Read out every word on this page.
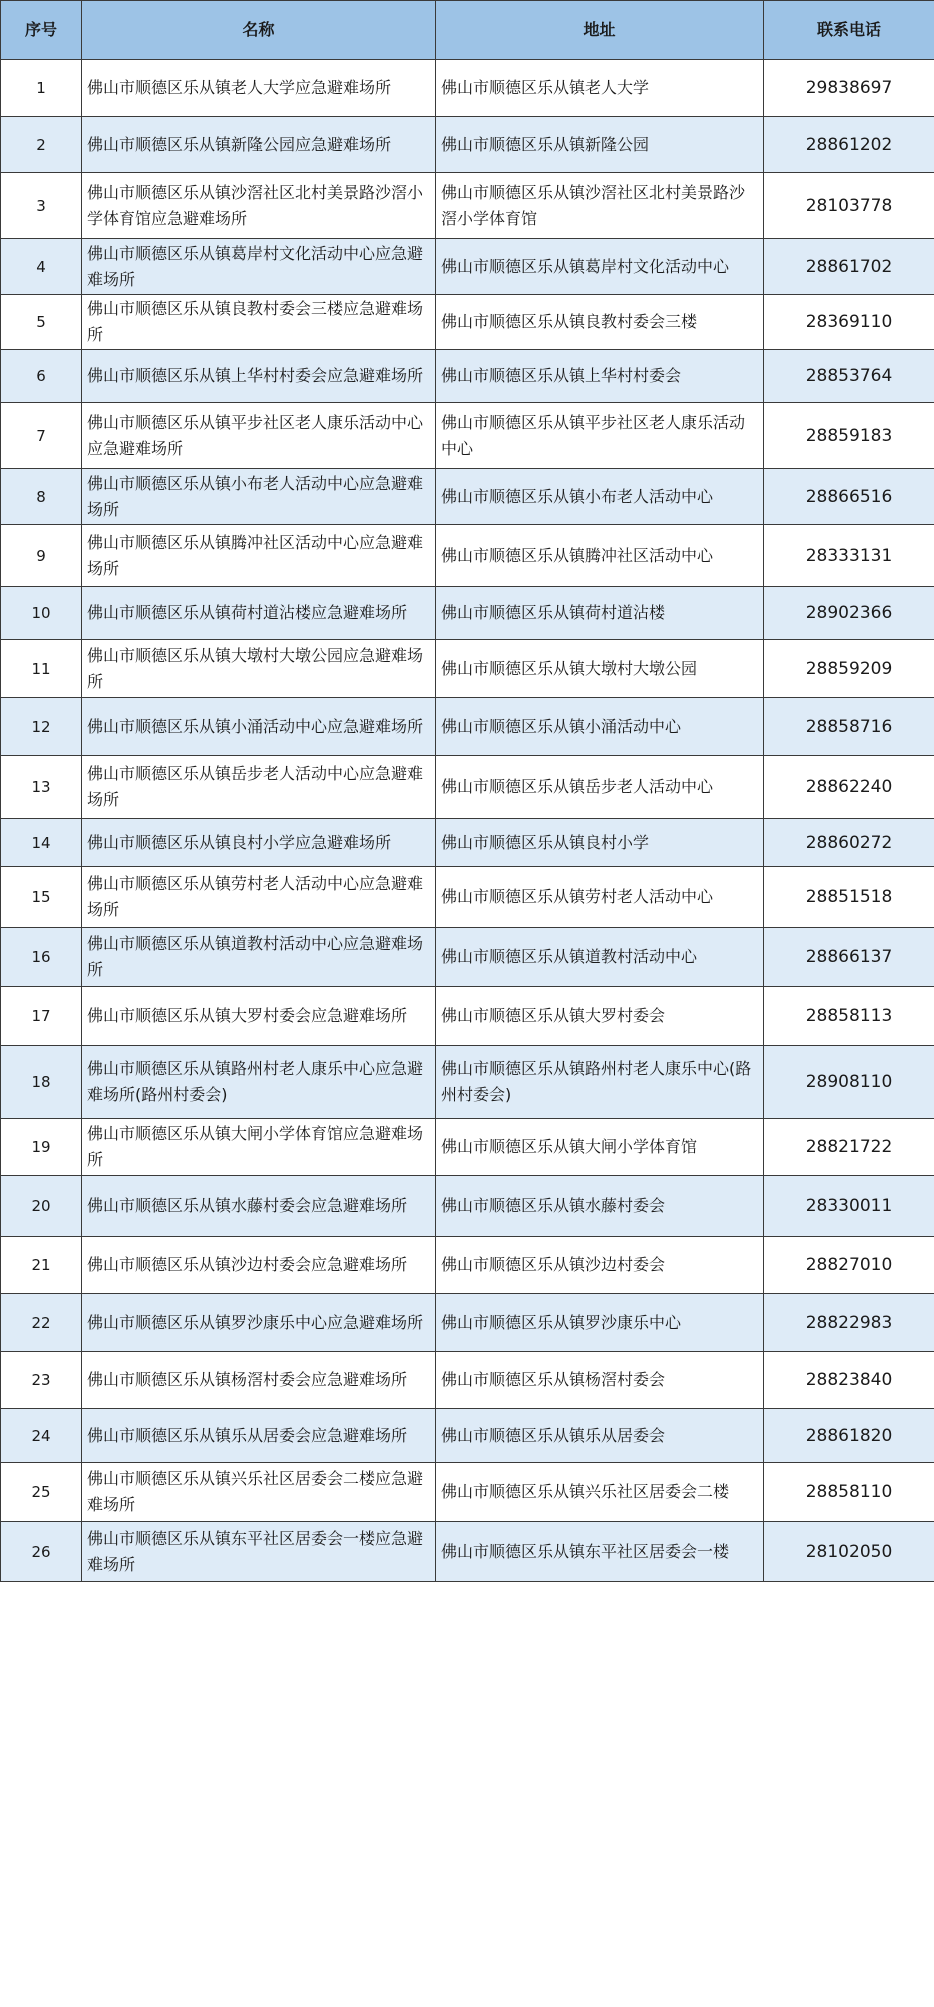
序号	名称	地址	联系电话
1	佛山市顺德区乐从镇老人大学应急避难场所	佛山市顺德区乐从镇老人大学	29838697
2	佛山市顺德区乐从镇新隆公园应急避难场所	佛山市顺德区乐从镇新隆公园	28861202
3	佛山市顺德区乐从镇沙滘社区北村美景路沙滘小学体育馆应急避难场所	佛山市顺德区乐从镇沙滘社区北村美景路沙滘小学体育馆	28103778
4	佛山市顺德区乐从镇葛岸村文化活动中心应急避难场所	佛山市顺德区乐从镇葛岸村文化活动中心	28861702
5	佛山市顺德区乐从镇良教村委会三楼应急避难场所	佛山市顺德区乐从镇良教村委会三楼	28369110
6	佛山市顺德区乐从镇上华村村委会应急避难场所	佛山市顺德区乐从镇上华村村委会	28853764
7	佛山市顺德区乐从镇平步社区老人康乐活动中心应急避难场所	佛山市顺德区乐从镇平步社区老人康乐活动中心	28859183
8	佛山市顺德区乐从镇小布老人活动中心应急避难场所	佛山市顺德区乐从镇小布老人活动中心	28866516
9	佛山市顺德区乐从镇腾冲社区活动中心应急避难场所	佛山市顺德区乐从镇腾冲社区活动中心	28333131
10	佛山市顺德区乐从镇荷村道沾楼应急避难场所	佛山市顺德区乐从镇荷村道沾楼	28902366
11	佛山市顺德区乐从镇大墩村大墩公园应急避难场所	佛山市顺德区乐从镇大墩村大墩公园	28859209
12	佛山市顺德区乐从镇小涌活动中心应急避难场所	佛山市顺德区乐从镇小涌活动中心	28858716
13	佛山市顺德区乐从镇岳步老人活动中心应急避难场所	佛山市顺德区乐从镇岳步老人活动中心	28862240
14	佛山市顺德区乐从镇良村小学应急避难场所	佛山市顺德区乐从镇良村小学	28860272
15	佛山市顺德区乐从镇劳村老人活动中心应急避难场所	佛山市顺德区乐从镇劳村老人活动中心	28851518
16	佛山市顺德区乐从镇道教村活动中心应急避难场所	佛山市顺德区乐从镇道教村活动中心	28866137
17	佛山市顺德区乐从镇大罗村委会应急避难场所	佛山市顺德区乐从镇大罗村委会	28858113
18	佛山市顺德区乐从镇路州村老人康乐中心应急避难场所(路州村委会)	佛山市顺德区乐从镇路州村老人康乐中心(路州村委会)	28908110
19	佛山市顺德区乐从镇大闸小学体育馆应急避难场所	佛山市顺德区乐从镇大闸小学体育馆	28821722
20	佛山市顺德区乐从镇水藤村委会应急避难场所	佛山市顺德区乐从镇水藤村委会	28330011
21	佛山市顺德区乐从镇沙边村委会应急避难场所	佛山市顺德区乐从镇沙边村委会	28827010
22	佛山市顺德区乐从镇罗沙康乐中心应急避难场所	佛山市顺德区乐从镇罗沙康乐中心	28822983
23	佛山市顺德区乐从镇杨滘村委会应急避难场所	佛山市顺德区乐从镇杨滘村委会	28823840
24	佛山市顺德区乐从镇乐从居委会应急避难场所	佛山市顺德区乐从镇乐从居委会	28861820
25	佛山市顺德区乐从镇兴乐社区居委会二楼应急避难场所	佛山市顺德区乐从镇兴乐社区居委会二楼	28858110
26	佛山市顺德区乐从镇东平社区居委会一楼应急避难场所	佛山市顺德区乐从镇东平社区居委会一楼	28102050
